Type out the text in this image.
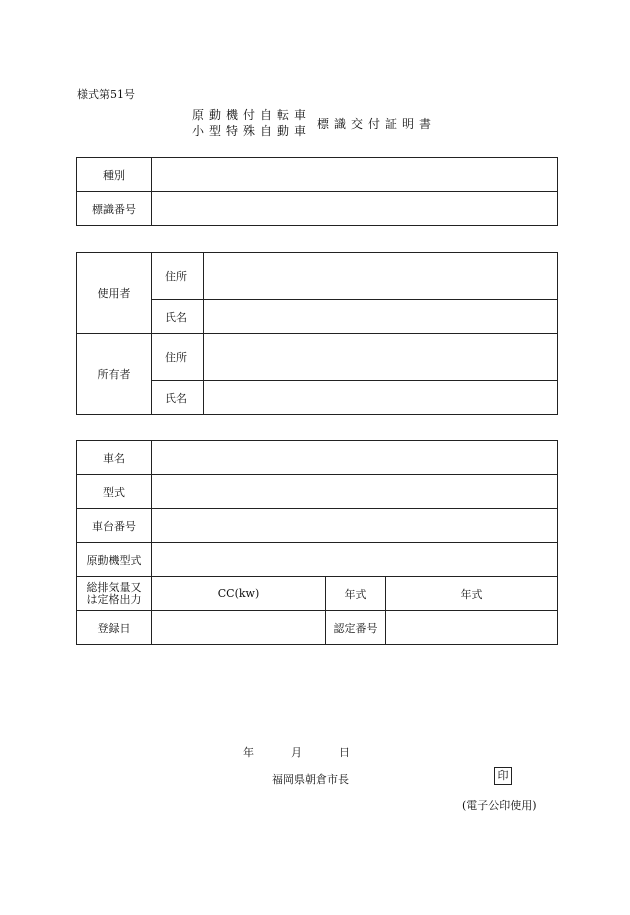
様式第51号
原動機付自転車
小型特殊自動車
標識交付証明書
種別	
標識番号	
使用者	住所	
	氏名	
所有者	住所	
	氏名	
車名			
型式			
車台番号			
原動機型式			

総排気量又
は定格出力	CC(kw)	年式	年式
登録日		認定番号	
年	月	日
福岡県朝倉市長	印
(電子公印使用)
